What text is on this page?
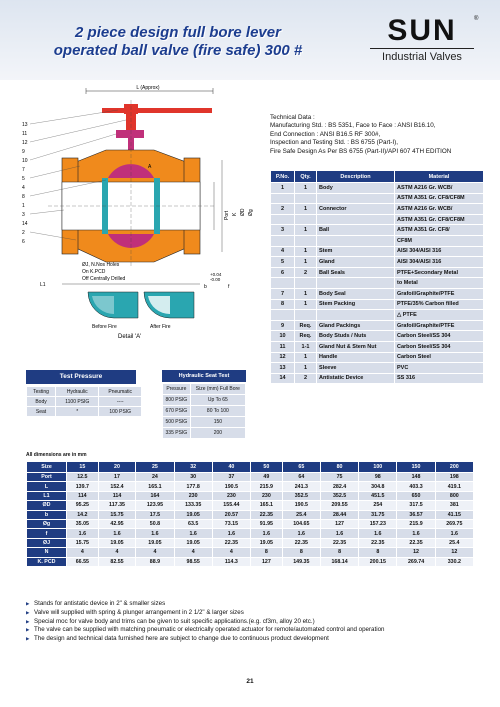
2 piece design full bore lever
operated ball valve (fire safe) 300 #
SUN
Industrial Valves
®
L (Approx)
A
Port K ØD Øg
13
11
12
9
10
7
5
4
8
1
3
14
2
6
ØJ, N.Nos Holes
On K.PCD
Off Centrally Drilled
L1
+0.04
-0.00
b	f
Before Fire	After Fire
Detail 'A'
Technical Data :
Manufacturing Std. : BS 5351, Face to Face : ANSI B16.10,
End Connection : ANSI B16.5 RF 300#,
Inspection and Testing Std. : BS 6755 (Part-I),
Fire Safe Design As Per BS 6755 (Part-II)/API 607 4TH EDITION
P.No.	Qty.	Description	Material
1	1	Body	ASTM A216 Gr. WCB/
			ASTM A351 Gr. CF8/CF8M
2	1	Connector	ASTM A216 Gr. WCB/
			ASTM A351 Gr. CF8/CF8M
3	1	Ball	ASTM A351 Gr. CF8/
			CF8M
4	1	Stem	AISI 304/AISI 316
5	1	Gland	AISI 304/AISI 316
6	2	Ball Seals	PTFE+Secondary Metal
			to Metal
7	1	Body Seal	Grafoil/Graphite/PTFE
8	1	Stem Packing	PTFE/35% Carbon filled
			△ PTFE
9	Req.	Gland Packings	Grafoil/Graphite/PTFE
10	Req.	Body Studs / Nuts	Carbon Steel/SS 304
11	1-1	Gland Nut & Stem Nut	Carbon Steel/SS 304
12	1	Handle	Carbon Steel
13	1	Sleeve	PVC
14	2	Antistatic Device	SS 316
Test Pressure
Testing	Hydraulic	Pneumatic
Body	1100 PSIG	----
Seat	*	100 PSIG
Hydraulic Seat Test
Pressure	Size (mm) Full Bore
800 PSIG	Up To 65
670 PSIG	80 To 100
500 PSIG	150
335 PSIG	200
All dimensions are in mm
Size	15	20	25	32	40	50	65	80	100	150	200
Port	12.5	17	24	30	37	49	64	75	98	148	198
L	139.7	152.4	165.1	177.8	190.5	215.9	241.3	282.4	304.8	403.3	419.1
L1	114	114	164	230	230	230	352.5	352.5	451.5	650	800
ØD	95.25	117.35	123.95	133.35	155.44	165.1	190.5	209.55	254	317.5	381
b	14.2	15.75	17.5	19.05	20.57	22.35	25.4	28.44	31.75	36.57	41.15
Øg	35.05	42.95	50.8	63.5	73.15	91.95	104.65	127	157.23	215.9	269.75
f	1.6	1.6	1.6	1.6	1.6	1.6	1.6	1.6	1.6	1.6	1.6
ØJ	15.75	19.05	19.05	19.05	22.35	19.05	22.35	22.35	22.35	22.35	25.4
N	4	4	4	4	4	8	8	8	8	12	12
K. PCD	66.55	82.55	88.9	98.55	114.3	127	149.35	168.14	200.15	269.74	330.2
▶ Stands for antistatic device in 2" & smaller sizes
▶ Valve will supplied with spring & plunger arrangement in 2 1/2" & larger sizes
▶ Special moc for valve body and trims can be given to suit specific applications.(e.g. cf3m, alloy 20 etc.)
▶ The valve can be supplied with matching pneumatic or electrically operated actuator for remote/automated control and operation
▶ The design and technical data furnished here are subject to change due to continuous product development
21
